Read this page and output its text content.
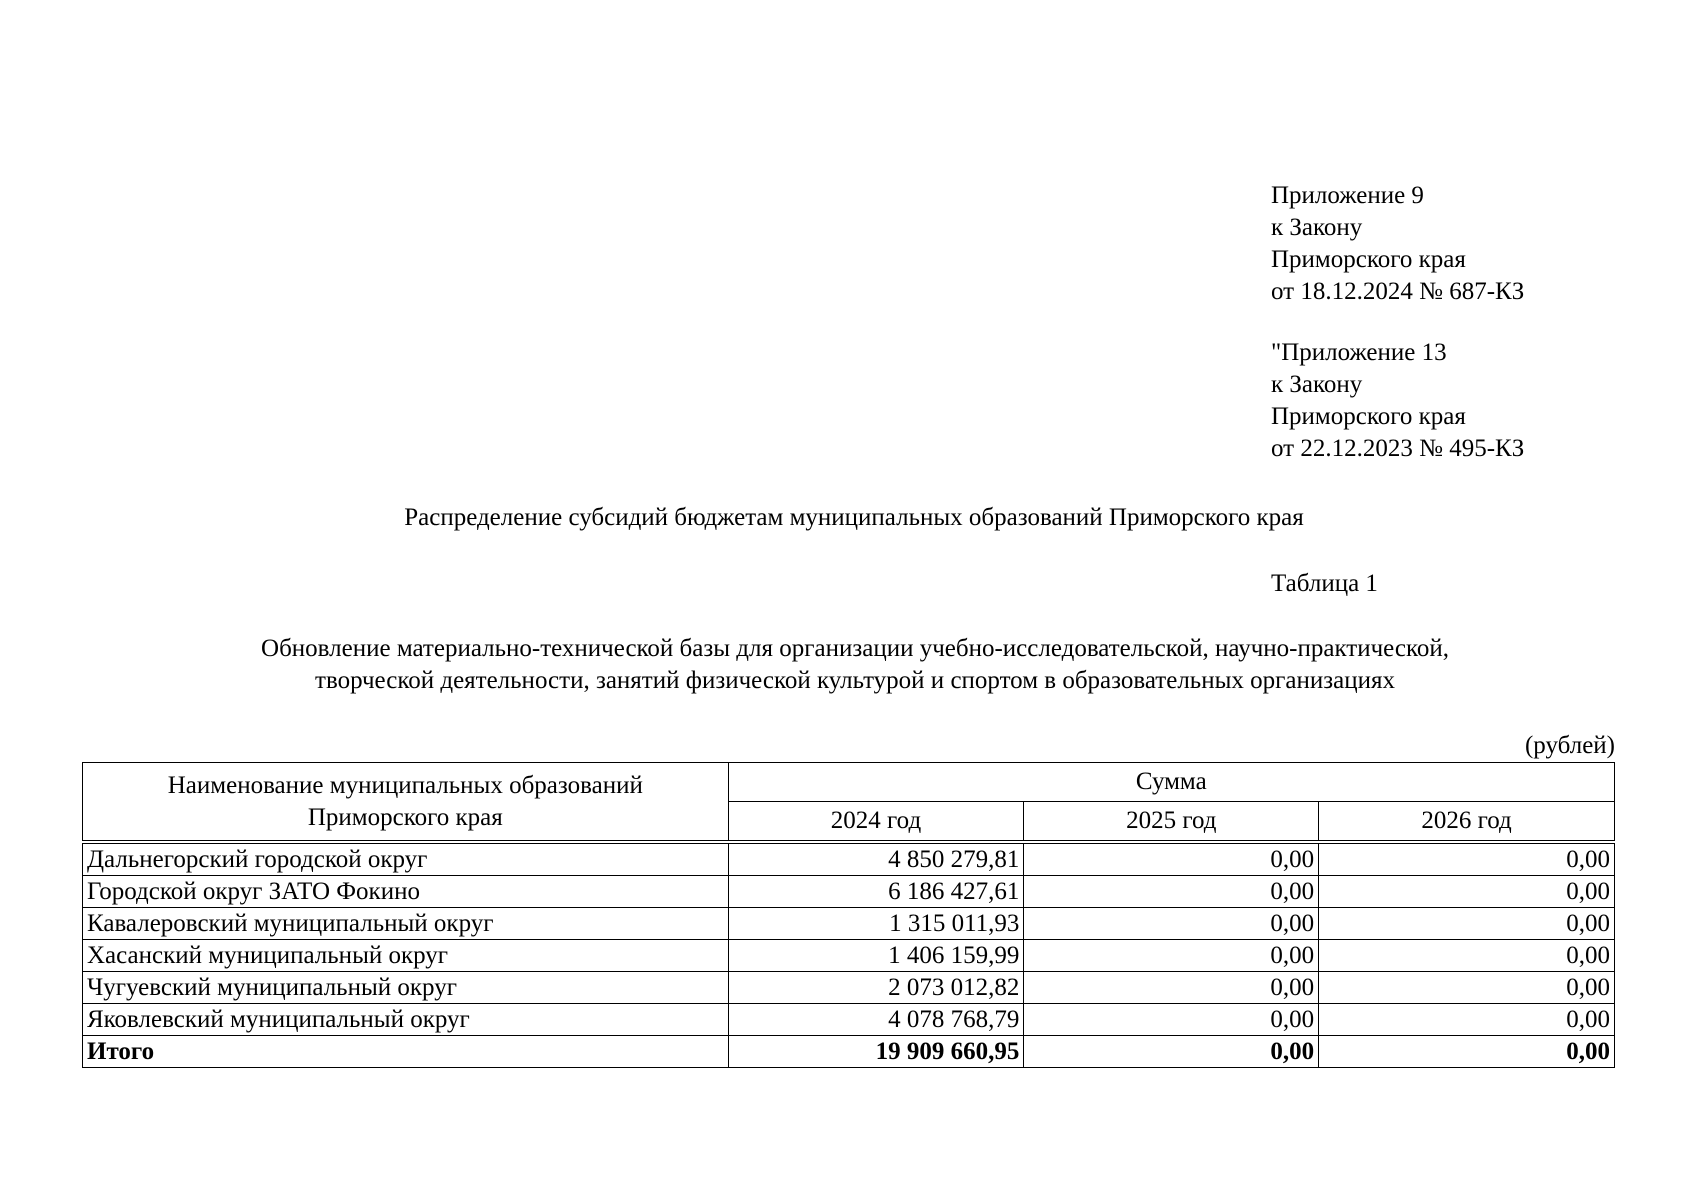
Приложение 9
к Закону
Приморского края
от 18.12.2024 № 687-КЗ
"Приложение 13
к Закону
Приморского края
от 22.12.2023 № 495-КЗ
Распределение субсидий бюджетам муниципальных образований Приморского края
Таблица 1
Обновление материально-технической базы для организации учебно-исследовательской, научно-практической,
творческой деятельности, занятий физической культурой и спортом в образовательных организациях
(рублей)
Наименование муниципальных образований
Приморского края	Сумма		
	2024 год	2025 год	2026 год
Дальнегорский городской округ	4 850 279,81	0,00	0,00
Городской округ ЗАТО Фокино	6 186 427,61	0,00	0,00
Кавалеровский муниципальный округ	1 315 011,93	0,00	0,00
Хасанский муниципальный округ	1 406 159,99	0,00	0,00
Чугуевский муниципальный округ	2 073 012,82	0,00	0,00
Яковлевский муниципальный округ	4 078 768,79	0,00	0,00
Итого	19 909 660,95	0,00	0,00
